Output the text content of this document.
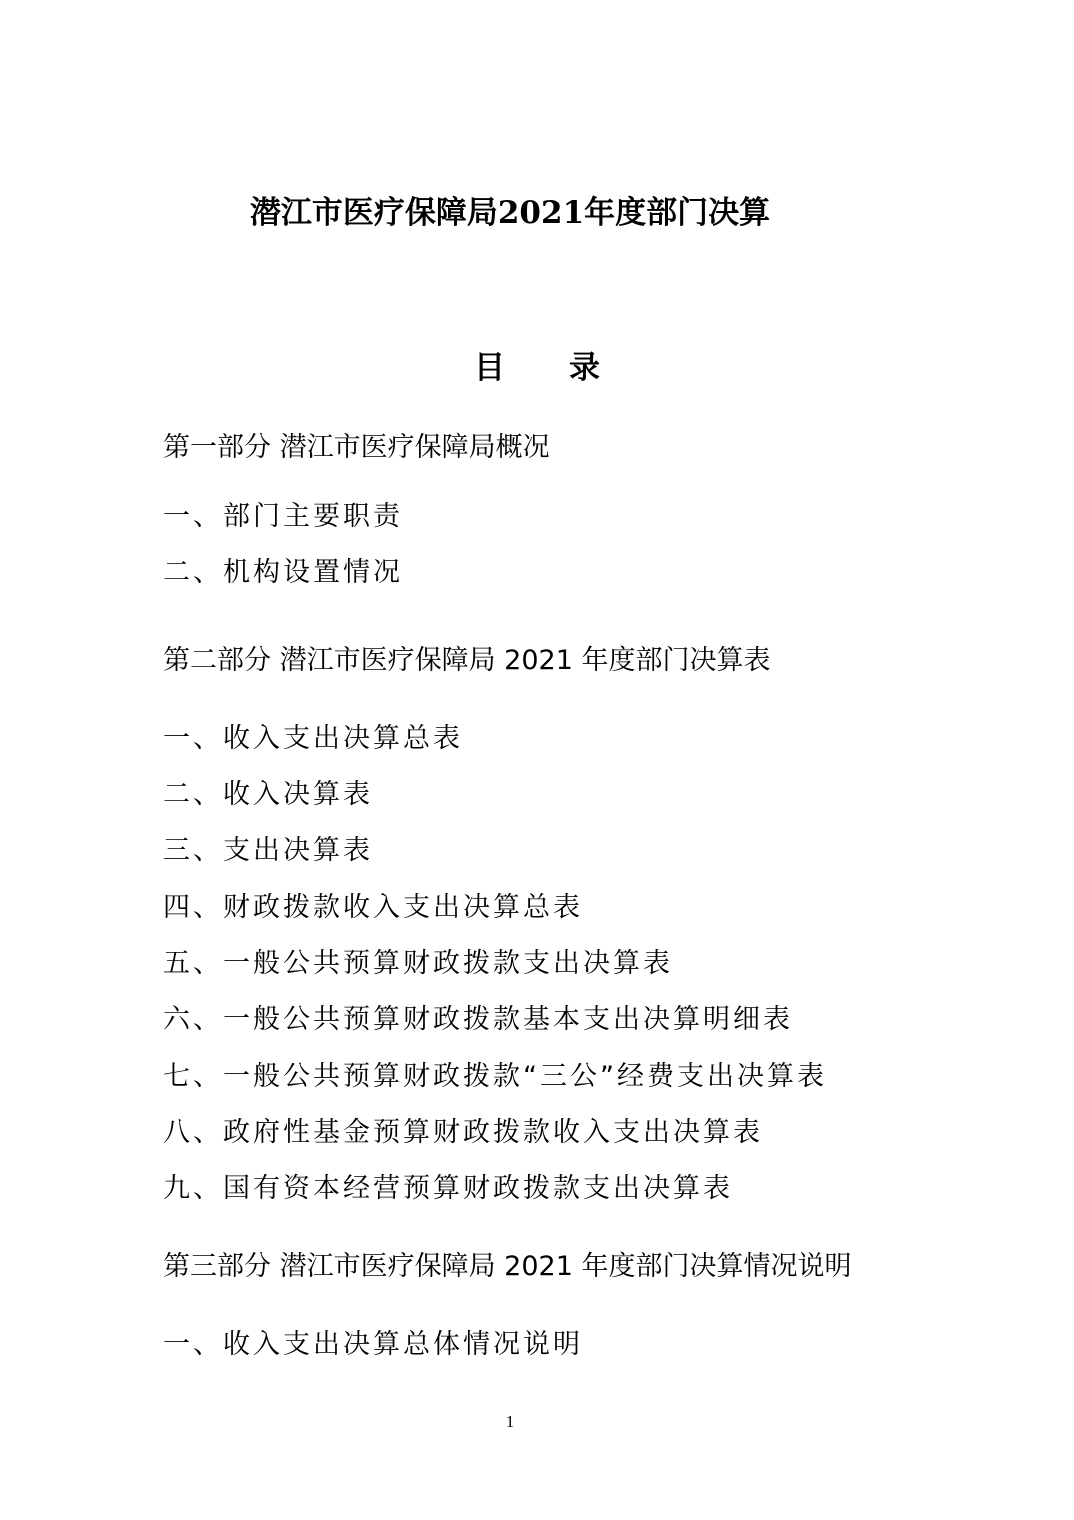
潜江市医疗保障局2021年度部门决算
目 录
第一部分 潜江市医疗保障局概况
一、部门主要职责
二、机构设置情况
第二部分 潜江市医疗保障局 2021 年度部门决算表
一、收入支出决算总表
二、收入决算表
三、支出决算表
四、财政拨款收入支出决算总表
五、一般公共预算财政拨款支出决算表
六、一般公共预算财政拨款基本支出决算明细表
七、一般公共预算财政拨款“三公”经费支出决算表
八、政府性基金预算财政拨款收入支出决算表
九、国有资本经营预算财政拨款支出决算表
第三部分 潜江市医疗保障局 2021 年度部门决算情况说明
一、收入支出决算总体情况说明
1
